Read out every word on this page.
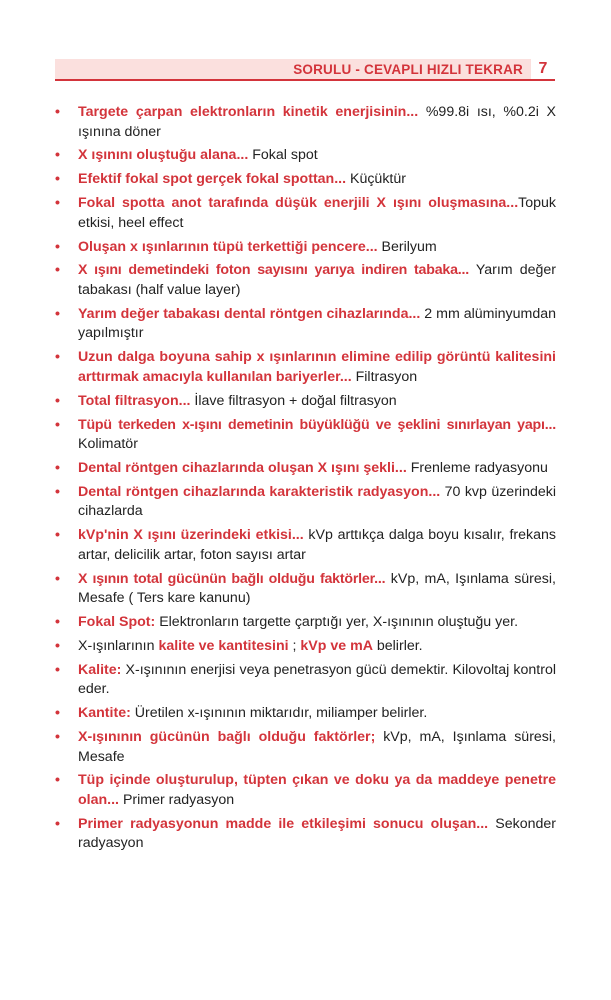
SORULU - CEVAPLI HIZLI TEKRAR 7
• Targete çarpan elektronların kinetik enerjisinin... %99.8i ısı, %0.2i X ışınına döner
• X ışınını oluştuğu alana... Fokal spot
• Efektif fokal spot gerçek fokal spottan... Küçüktür
• Fokal spotta anot tarafında düşük enerjili X ışını oluşmasına...Topuk etkisi, heel effect
• Oluşan x ışınlarının tüpü terkettiği pencere... Berilyum
• X ışını demetindeki foton sayısını yarıya indiren tabaka... Yarım değer tabakası (half value layer)
• Yarım değer tabakası dental röntgen cihazlarında... 2 mm alüminyumdan yapılmıştır
• Uzun dalga boyuna sahip x ışınlarının elimine edilip görüntü kalitesini arttırmak amacıyla kullanılan bariyerler... Filtrasyon
• Total filtrasyon... İlave filtrasyon + doğal filtrasyon
• Tüpü terkeden x-ışını demetinin büyüklüğü ve şeklini sınırlayan yapı... Kolimatör
• Dental röntgen cihazlarında oluşan X ışını şekli... Frenleme radyasyonu
• Dental röntgen cihazlarında karakteristik radyasyon... 70 kvp üzerindeki cihazlarda
• kVp'nin X ışını üzerindeki etkisi... kVp arttıkça dalga boyu kısalır, frekans artar, delicilik artar, foton sayısı artar
• X ışının total gücünün bağlı olduğu faktörler... kVp, mA, Işınlama süresi, Mesafe ( Ters kare kanunu)
• Fokal Spot: Elektronların targette çarptığı yer, X-ışınının oluştuğu yer.
• X-ışınlarının kalite ve kantitesini ; kVp ve mA belirler.
• Kalite: X-ışınının enerjisi veya penetrasyon gücü demektir. Kilovoltaj kontrol eder.
• Kantite: Üretilen x-ışınının miktarıdır, miliamper belirler.
• X-ışınının gücünün bağlı olduğu faktörler; kVp, mA, Işınlama süresi, Mesafe
• Tüp içinde oluşturulup, tüpten çıkan ve doku ya da maddeye penetre olan... Primer radyasyon
• Primer radyasyonun madde ile etkileşimi sonucu oluşan... Sekonder radyasyon
